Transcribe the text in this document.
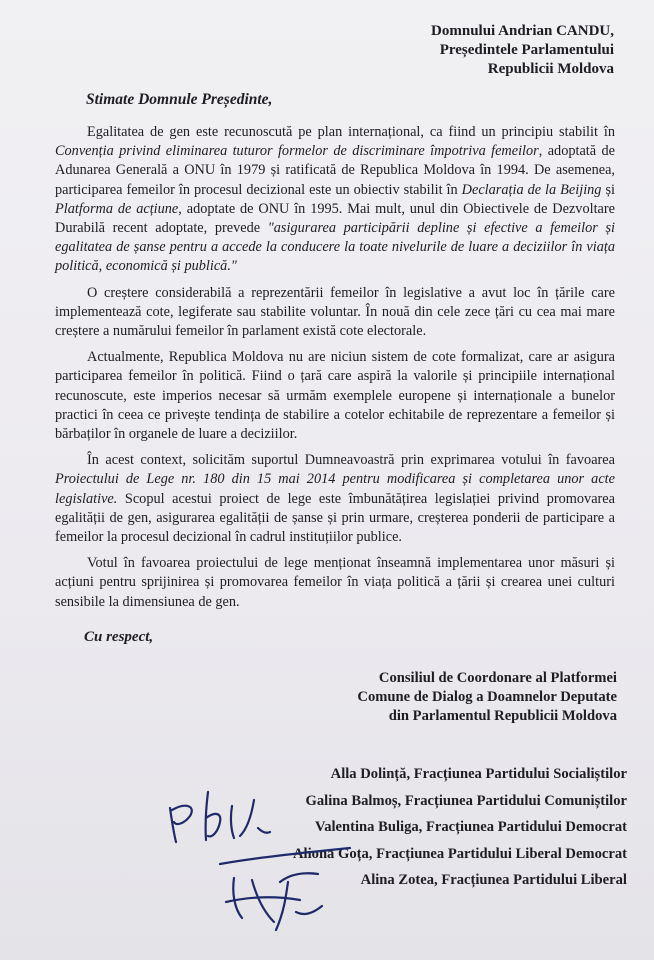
Domnului Andrian CANDU,
Președintele Parlamentului
Republicii Moldova
Stimate Domnule Președinte,

Egalitatea de gen este recunoscută pe plan internațional, ca fiind un principiu stabilit în Convenția privind eliminarea tuturor formelor de discriminare împotriva femeilor, adoptată de Adunarea Generală a ONU în 1979 și ratificată de Republica Moldova în 1994. De asemenea, participarea femeilor în procesul decizional este un obiectiv stabilit în Declarația de la Beijing și Platforma de acțiune, adoptate de ONU în 1995. Mai mult, unul din Obiectivele de Dezvoltare Durabilă recent adoptate, prevede "asigurarea participării depline și efective a femeilor și egalitatea de șanse pentru a accede la conducere la toate nivelurile de luare a deciziilor în viața politică, economică și publică."

O creștere considerabilă a reprezentării femeilor în legislative a avut loc în țările care implementează cote, legiferate sau stabilite voluntar. În nouă din cele zece țări cu cea mai mare creștere a numărului femeilor în parlament există cote electorale.

Actualmente, Republica Moldova nu are niciun sistem de cote formalizat, care ar asigura participarea femeilor în politică. Fiind o țară care aspiră la valorile și principiile internațional recunoscute, este imperios necesar să urmăm exemplele europene și internaționale a bunelor practici în ceea ce privește tendința de stabilire a cotelor echitabile de reprezentare a femeilor și bărbaților în organele de luare a deciziilor.

În acest context, solicităm suportul Dumneavoastră prin exprimarea votului în favoarea Proiectului de Lege nr. 180 din 15 mai 2014 pentru modificarea și completarea unor acte legislative. Scopul acestui proiect de lege este îmbunătățirea legislației privind promovarea egalității de gen, asigurarea egalității de șanse și prin urmare, creșterea ponderii de participare a femeilor la procesul decizional în cadrul instituțiilor publice.

Votul în favoarea proiectului de lege menționat înseamnă implementarea unor măsuri și acțiuni pentru sprijinirea și promovarea femeilor în viața politică a țării și crearea unei culturi sensibile la dimensiunea de gen.

Cu respect,
Consiliul de Coordonare al Platformei
Comune de Dialog a Doamnelor Deputate
din Parlamentul Republicii Moldova
Alla Dolință, Fracțiunea Partidului Socialiștilor
Galina Balmoș, Fracțiunea Partidului Comuniștilor
Valentina Buliga, Fracțiunea Partidului Democrat
Aliona Goța, Fracțiunea Partidului Liberal Democrat
Alina Zotea, Fracțiunea Partidului Liberal
